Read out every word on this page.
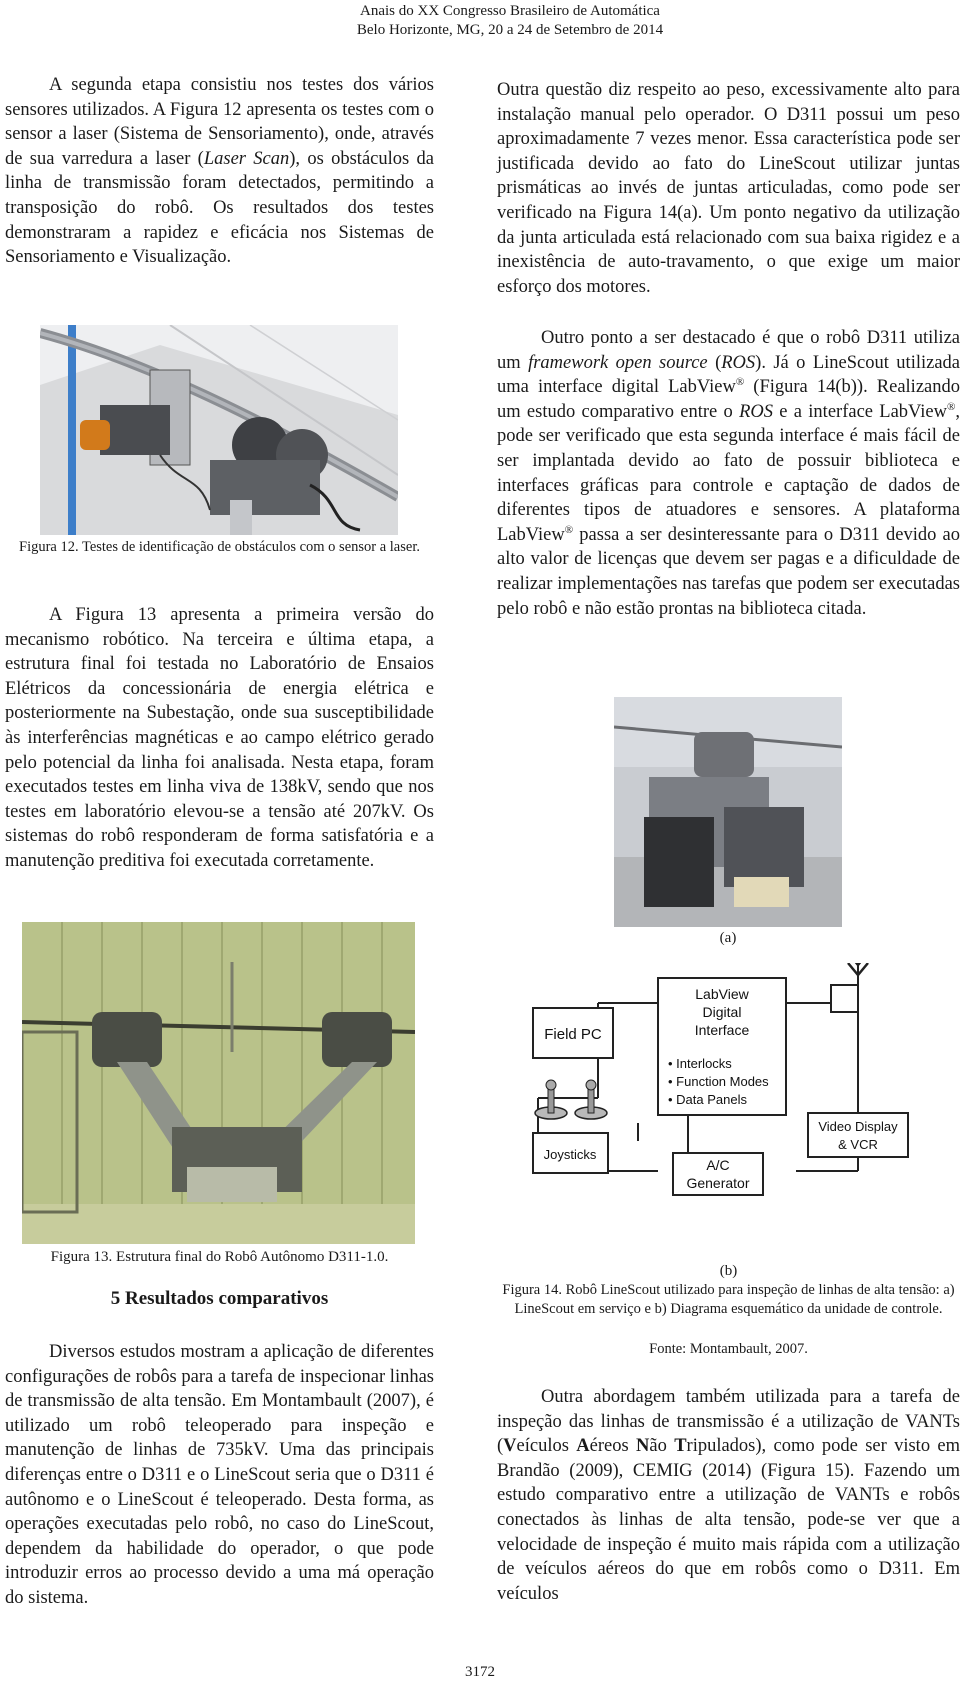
Anais do XX Congresso Brasileiro de Automática
Belo Horizonte, MG, 20 a 24 de Setembro de 2014
A segunda etapa consistiu nos testes dos vários sensores utilizados. A Figura 12 apresenta os testes com o sensor a laser (Sistema de Sensoriamento), onde, através de sua varredura a laser (Laser Scan), os obstáculos da linha de transmissão foram detectados, permitindo a transposição do robô. Os resultados dos testes demonstraram a rapidez e eficácia nos Sistemas de Sensoriamento e Visualização.
Figura 12. Testes de identificação de obstáculos com o sensor a laser.
A Figura 13 apresenta a primeira versão do mecanismo robótico. Na terceira e última etapa, a estrutura final foi testada no Laboratório de Ensaios Elétricos da concessionária de energia elétrica e posteriormente na Subestação, onde sua susceptibilidade às interferências magnéticas e ao campo elétrico gerado pelo potencial da linha foi analisada. Nesta etapa, foram executados testes em linha viva de 138kV, sendo que nos testes em laboratório elevou-se a tensão até 207kV. Os sistemas do robô responderam de forma satisfatória e a manutenção preditiva foi executada corretamente.
Figura 13. Estrutura final do Robô Autônomo D311-1.0.
5 Resultados comparativos
Diversos estudos mostram a aplicação de diferentes configurações de robôs para a tarefa de inspecionar linhas de transmissão de alta tensão. Em Montambault (2007), é utilizado um robô teleoperado para inspeção e manutenção de linhas de 735kV. Uma das principais diferenças entre o D311 e o LineScout seria que o D311 é autônomo e o LineScout é teleoperado. Desta forma, as operações executadas pelo robô, no caso do LineScout, dependem da habilidade do operador, o que pode introduzir erros ao processo devido a uma má operação do sistema.
Outra questão diz respeito ao peso, excessivamente alto para instalação manual pelo operador. O D311 possui um peso aproximadamente 7 vezes menor. Essa característica pode ser justificada devido ao fato do LineScout utilizar juntas prismáticas ao invés de juntas articuladas, como pode ser verificado na Figura 14(a). Um ponto negativo da utilização da junta articulada está relacionado com sua baixa rigidez e a inexistência de auto-travamento, o que exige um maior esforço dos motores.
Outro ponto a ser destacado é que o robô D311 utiliza um framework open source (ROS). Já o LineScout utilizada uma interface digital LabView® (Figura 14(b)). Realizando um estudo comparativo entre o ROS e a interface LabView®, pode ser verificado que esta segunda interface é mais fácil de ser implantada devido ao fato de possuir biblioteca e interfaces gráficas para controle e captação de dados de diferentes tipos de atuadores e sensores. A plataforma LabView® passa a ser desinteressante para o D311 devido ao alto valor de licenças que devem ser pagas e a dificuldade de realizar implementações nas tarefas que podem ser executadas pelo robô e não estão prontas na biblioteca citada.
(a)
Field PC
LabView
Digital
Interface
• Interlocks
• Function Modes
• Data Panels
Joysticks
Video Display
& VCR
A/C
Generator
(b)
Figura 14. Robô LineScout utilizado para inspeção de linhas de alta tensão: a) LineScout em serviço e b) Diagrama esquemático da unidade de controle.
Fonte: Montambault, 2007.
Outra abordagem também utilizada para a tarefa de inspeção das linhas de transmissão é a utilização de VANTs (Veículos Aéreos Não Tripulados), como pode ser visto em Brandão (2009), CEMIG (2014) (Figura 15). Fazendo um estudo comparativo entre a utilização de VANTs e robôs conectados às linhas de alta tensão, pode-se ver que a velocidade de inspeção é muito mais rápida com a utilização de veículos aéreos do que em robôs como o D311. Em veículos
3172
